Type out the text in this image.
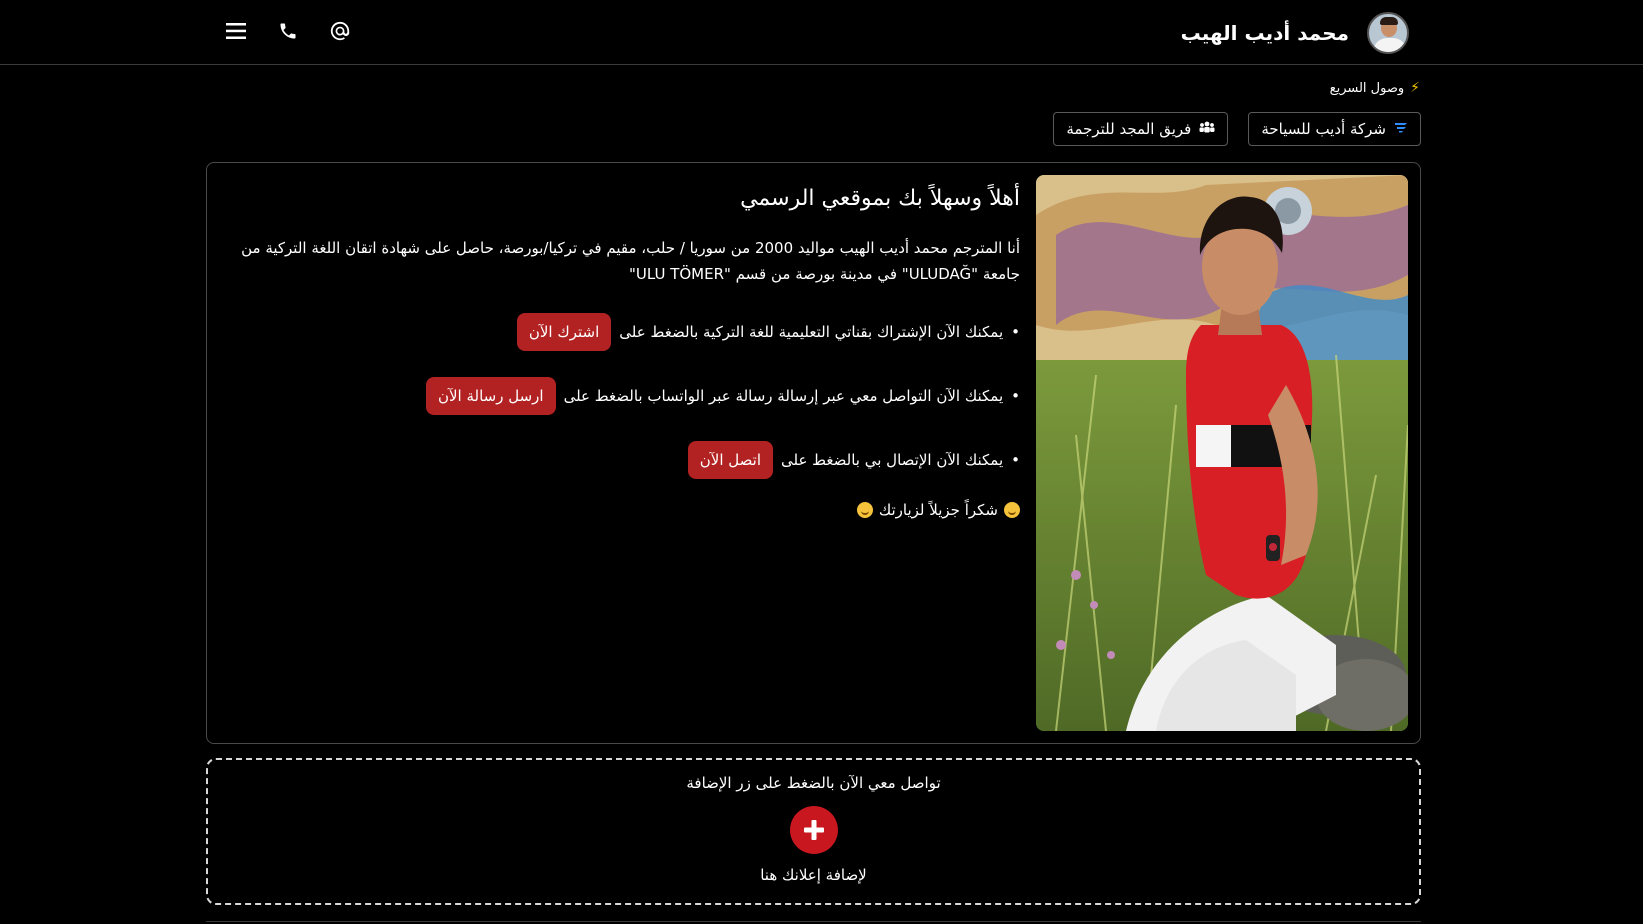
محمد أديب الهيب
⚡
وصول السريع
شركة أديب للسياحة
فريق المجد للترجمة
أهلاً وسهلاً بك بموقعي الرسمي

أنا المترجم محمد أديب الهيب مواليد 2000 من سوريا / حلب، مقيم في تركيا/بورصة، حاصل على شهادة اتقان اللغة التركية من جامعة "ULUDAĞ" في مدينة بورصة من قسم "ULU TÖMER"

•
يمكنك الآن الإشتراك بقناتي التعليمية للغة التركية بالضغط على
اشترك الآن
•
يمكنك الآن التواصل معي عبر إرسالة رسالة عبر الواتساب بالضغط على
ارسل رسالة الآن
•
يمكنك الآن الإتصال بي بالضغط على
اتصل الآن
شكراً جزيلاً لزيارتك
تواصل معي الآن بالضغط على زر الإضافة
لإضافة إعلانك هنا
